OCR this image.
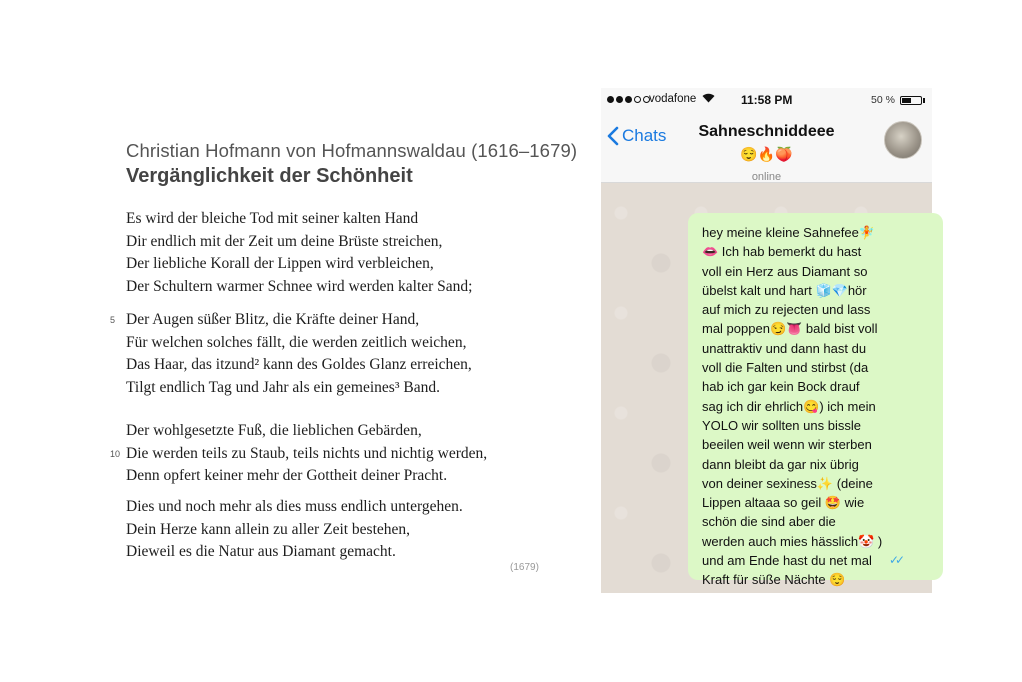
Christian Hofmann von Hofmannswaldau (1616–1679)
Vergänglichkeit der Schönheit
Es wird der bleiche Tod mit seiner kalten Hand
Dir endlich mit der Zeit um deine Brüste streichen,
Der liebliche Korall der Lippen wird verbleichen,
Der Schultern warmer Schnee wird werden kalter Sand;
5 Der Augen süßer Blitz, die Kräfte deiner Hand,
Für welchen solches fällt, die werden zeitlich weichen,
Das Haar, das itzund² kann des Goldes Glanz erreichen,
Tilgt endlich Tag und Jahr als ein gemeines³ Band.
Der wohlgesetzte Fuß, die lieblichen Gebärden,
10 Die werden teils zu Staub, teils nichts und nichtig werden,
Denn opfert keiner mehr der Gottheit deiner Pracht.
Dies und noch mehr als dies muss endlich untergehen.
Dein Herze kann allein zu aller Zeit bestehen,
Dieweil es die Natur aus Diamant gemacht.
(1679)
vodafone	11:58 PM	50 %
Chats	Sahneschniddeee
😌🔥🍑
online
hey meine kleine Sahnefee🧚
👄 Ich hab bemerkt du hast
voll ein Herz aus Diamant so
übelst kalt und hart 🧊💎hör
auf mich zu rejecten und lass
mal poppen😏👅 bald bist voll
unattraktiv und dann hast du
voll die Falten und stirbst (da
hab ich gar kein Bock drauf
sag ich dir ehrlich😋) ich mein
YOLO wir sollten uns bissle
beeilen weil wenn wir sterben
dann bleibt da gar nix übrig
von deiner sexiness✨ (deine
Lippen altaaa so geil 🤩 wie
schön die sind aber die
werden auch mies hässlich🤡 )
und am Ende hast du net mal
Kraft für süße Nächte 😌
✓✓
